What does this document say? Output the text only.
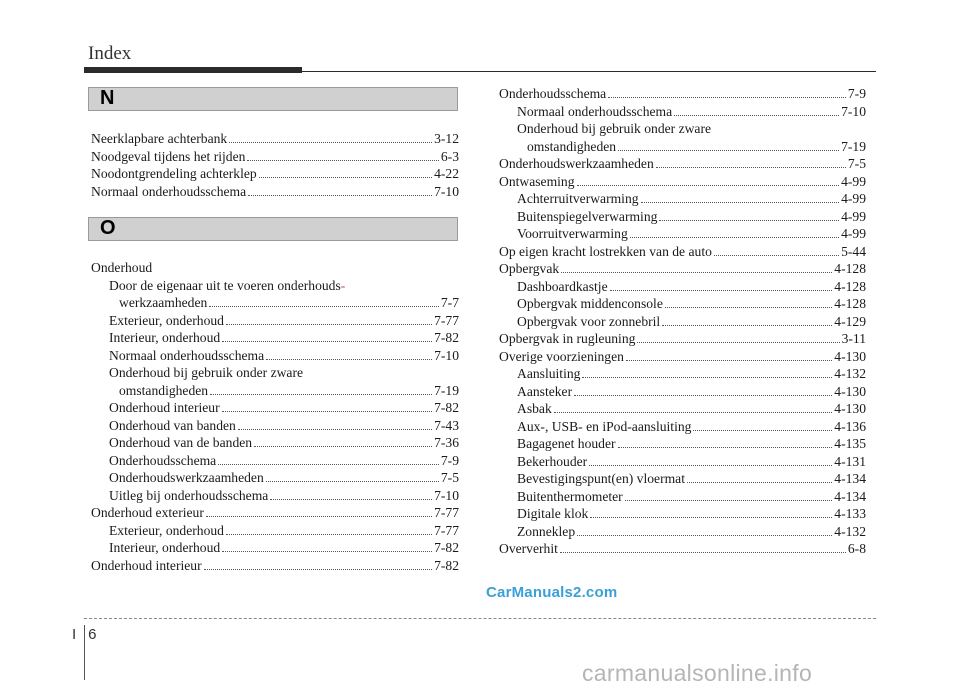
Index
N
Neerklapbare achterbank	3-12
Noodgeval tijdens het rijden	6-3
Noodontgrendeling achterklep	4-22
Normaal onderhoudsschema	7-10
O
Onderhoud
Door de eigenaar uit te voeren onderhouds-
werkzaamheden	7-7
Exterieur, onderhoud	7-77
Interieur, onderhoud	7-82
Normaal onderhoudsschema	7-10
Onderhoud bij gebruik onder zware
omstandigheden	7-19
Onderhoud interieur	7-82
Onderhoud van banden	7-43
Onderhoud van de banden	7-36
Onderhoudsschema	7-9
Onderhoudswerkzaamheden	7-5
Uitleg bij onderhoudsschema	7-10
Onderhoud exterieur	7-77
Exterieur, onderhoud	7-77
Interieur, onderhoud	7-82
Onderhoud interieur	7-82
Onderhoudsschema	7-9
Normaal onderhoudsschema	7-10
Onderhoud bij gebruik onder zware
omstandigheden	7-19
Onderhoudswerkzaamheden	7-5
Ontwaseming	4-99
Achterruitverwarming	4-99
Buitenspiegelverwarming	4-99
Voorruitverwarming	4-99
Op eigen kracht lostrekken van de auto	5-44
Opbergvak	4-128
Dashboardkastje	4-128
Opbergvak middenconsole	4-128
Opbergvak voor zonnebril	4-129
Opbergvak in rugleuning	3-11
Overige voorzieningen	4-130
Aansluiting	4-132
Aansteker	4-130
Asbak	4-130
Aux-, USB- en iPod-aansluiting	4-136
Bagagenet houder	4-135
Bekerhouder	4-131
Bevestigingspunt(en) vloermat	4-134
Buitenthermometer	4-134
Digitale klok	4-133
Zonneklep	4-132
Oververhit	6-8
CarManuals2.com
I 6
carmanualsonline.info
